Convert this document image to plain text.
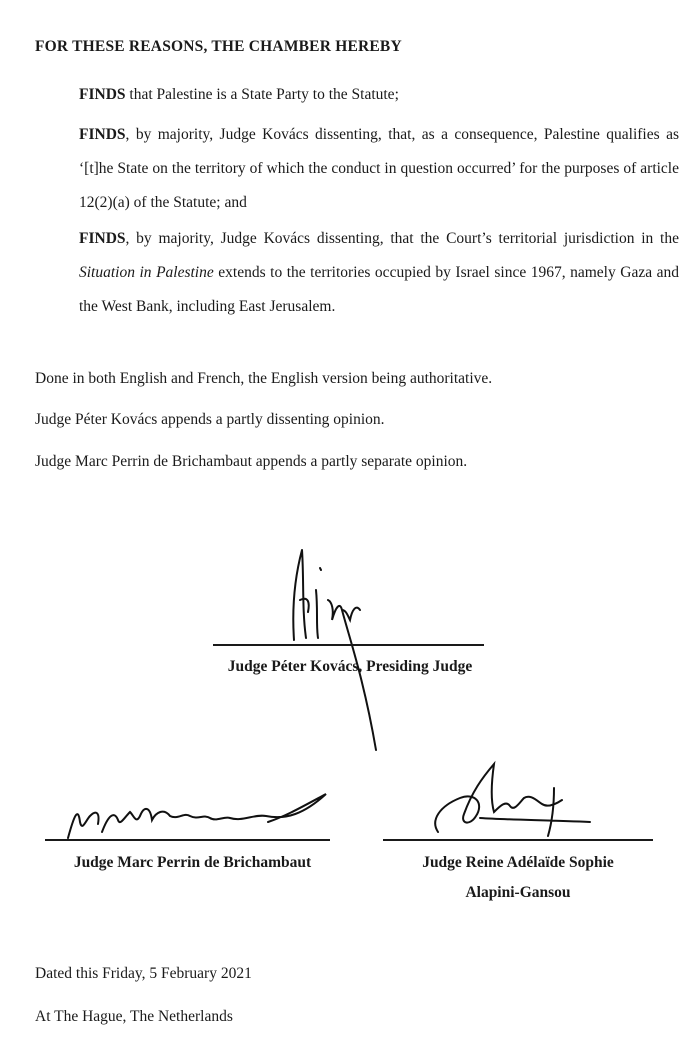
FOR THESE REASONS, THE CHAMBER HEREBY
FINDS that Palestine is a State Party to the Statute;
FINDS, by majority, Judge Kovács dissenting, that, as a consequence, Palestine qualifies as ‘[t]he State on the territory of which the conduct in question occurred’ for the purposes of article 12(2)(a) of the Statute; and
FINDS, by majority, Judge Kovács dissenting, that the Court’s territorial jurisdiction in the Situation in Palestine extends to the territories occupied by Israel since 1967, namely Gaza and the West Bank, including East Jerusalem.
Done in both English and French, the English version being authoritative.
Judge Péter Kovács appends a partly dissenting opinion.
Judge Marc Perrin de Brichambaut appends a partly separate opinion.
Judge Péter Kovács, Presiding Judge
Judge Marc Perrin de Brichambaut	Judge Reine Adélaïde Sophie
Alapini-Gansou
Dated this Friday, 5 February 2021
At The Hague, The Netherlands
